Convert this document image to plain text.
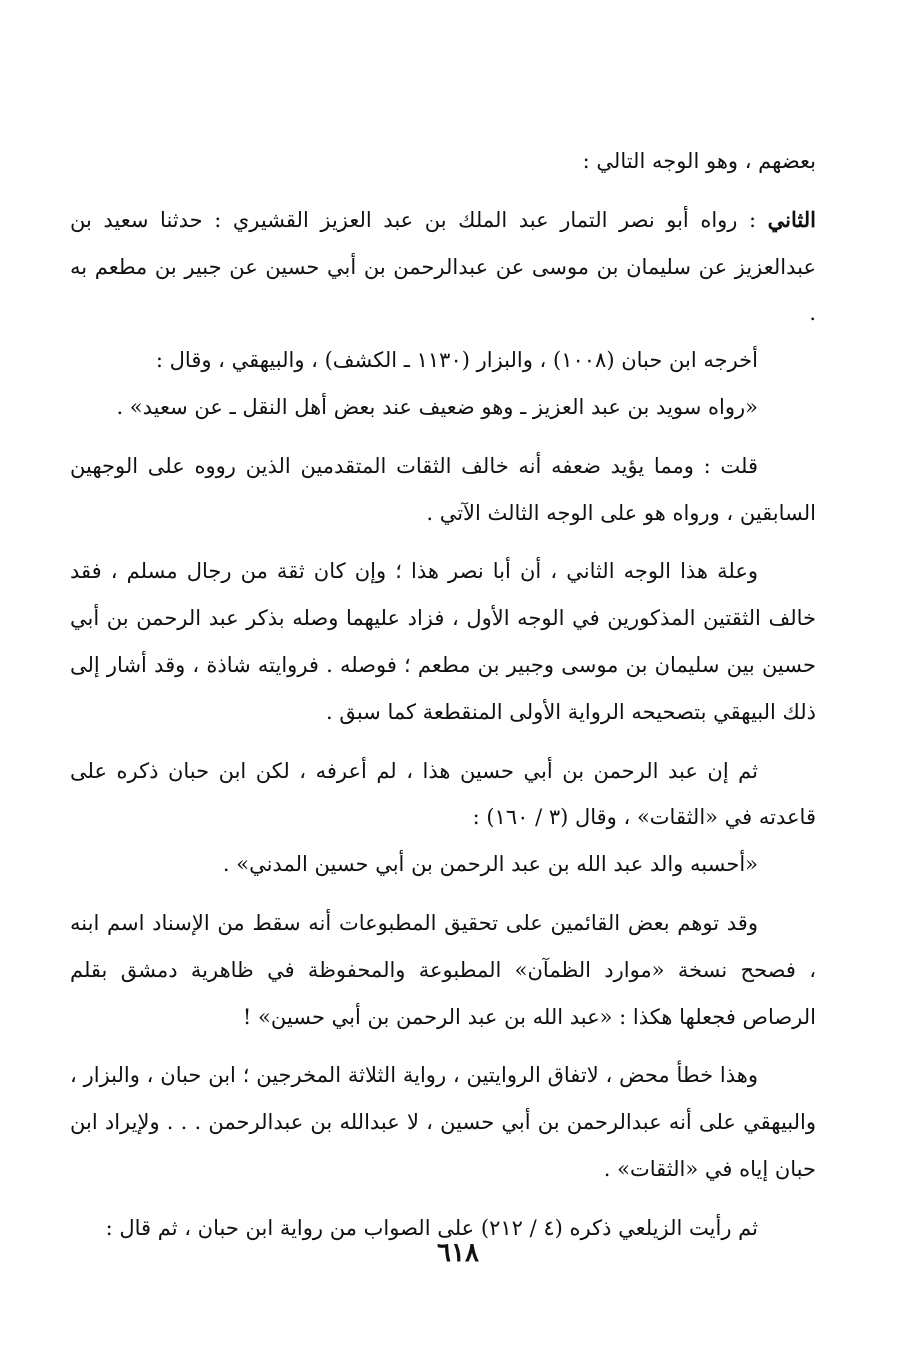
بعضهم ، وهو الوجه التالي :

الثاني : رواه أبو نصر التمار عبد الملك بن عبد العزيز القشيري : حدثنا سعيد بن عبدالعزيز عن سليمان بن موسى عن عبدالرحمن بن أبي حسين عن جبير بن مطعم به .

أخرجه ابن حبان (١٠٠٨) ، والبزار (١١٣٠ ـ الكشف) ، والبيهقي ، وقال :

«رواه سويد بن عبد العزيز ـ وهو ضعيف عند بعض أهل النقل ـ عن سعيد» .

قلت : ومما يؤيد ضعفه أنه خالف الثقات المتقدمين الذين رووه على الوجهين السابقين ، ورواه هو على الوجه الثالث الآتي .

وعلة هذا الوجه الثاني ، أن أبا نصر هذا ؛ وإن كان ثقة من رجال مسلم ، فقد خالف الثقتين المذكورين في الوجه الأول ، فزاد عليهما وصله بذكر عبد الرحمن بن أبي حسين بين سليمان بن موسى وجبير بن مطعم ؛ فوصله . فروايته شاذة ، وقد أشار إلى ذلك البيهقي بتصحيحه الرواية الأولى المنقطعة كما سبق .

ثم إن عبد الرحمن بن أبي حسين هذا ، لم أعرفه ، لكن ابن حبان ذكره على قاعدته في «الثقات» ، وقال (٣ / ١٦٠) :

«أحسبه والد عبد الله بن عبد الرحمن بن أبي حسين المدني» .

وقد توهم بعض القائمين على تحقيق المطبوعات أنه سقط من الإسناد اسم ابنه ، فصحح نسخة «موارد الظمآن» المطبوعة والمحفوظة في ظاهرية دمشق بقلم الرصاص فجعلها هكذا : «عبد الله بن عبد الرحمن بن أبي حسين» !

وهذا خطأ محض ، لاتفاق الروايتين ، رواية الثلاثة المخرجين ؛ ابن حبان ، والبزار ، والبيهقي على أنه عبدالرحمن بن أبي حسين ، لا عبدالله بن عبدالرحمن . . . ولإيراد ابن حبان إياه في «الثقات» .

ثم رأيت الزيلعي ذكره (٤ / ٢١٢) على الصواب من رواية ابن حبان ، ثم قال :

٦١٨
